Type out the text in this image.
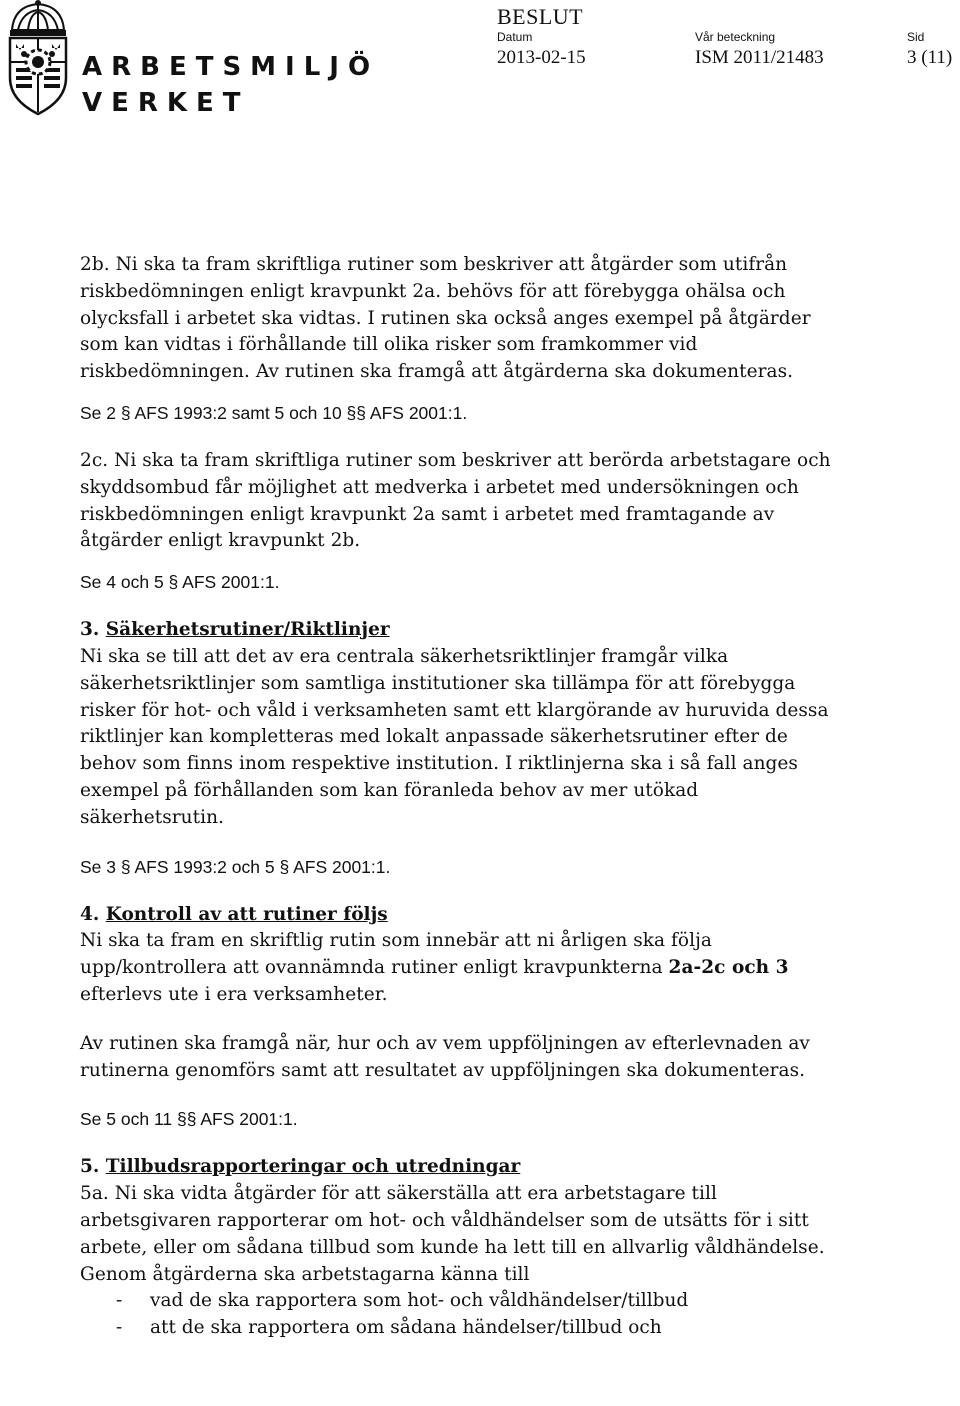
ARBETSMILJÖ
VERKET
BESLUT
Datum
2013-02-15
Vår beteckning
ISM 2011/21483
Sid
3 (11)

2b. Ni ska ta fram skriftliga rutiner som beskriver att åtgärder som utifrån riskbedömningen enligt kravpunkt 2a. behövs för att förebygga ohälsa och olycksfall i arbetet ska vidtas. I rutinen ska också anges exempel på åtgärder som kan vidtas i förhållande till olika risker som framkommer vid riskbedömningen. Av rutinen ska framgå att åtgärderna ska dokumenteras.

Se 2 § AFS 1993:2 samt 5 och 10 §§ AFS 2001:1.

2c. Ni ska ta fram skriftliga rutiner som beskriver att berörda arbetstagare och skyddsombud får möjlighet att medverka i arbetet med undersökningen och riskbedömningen enligt kravpunkt 2a samt i arbetet med framtagande av åtgärder enligt kravpunkt 2b.

Se 4 och 5 § AFS 2001:1.

3. Säkerhetsrutiner/Riktlinjer

Ni ska se till att det av era centrala säkerhetsriktlinjer framgår vilka säkerhetsriktlinjer som samtliga institutioner ska tillämpa för att förebygga risker för hot- och våld i verksamheten samt ett klargörande av huruvida dessa riktlinjer kan kompletteras med lokalt anpassade säkerhetsrutiner efter de behov som finns inom respektive institution. I riktlinjerna ska i så fall anges exempel på förhållanden som kan föranleda behov av mer utökad säkerhetsrutin.

Se 3 § AFS 1993:2 och 5 § AFS 2001:1.

4. Kontroll av att rutiner följs

Ni ska ta fram en skriftlig rutin som innebär att ni årligen ska följa upp/kontrollera att ovannämnda rutiner enligt kravpunkterna 2a-2c och 3 efterlevs ute i era verksamheter.

Av rutinen ska framgå när, hur och av vem uppföljningen av efterlevnaden av rutinerna genomförs samt att resultatet av uppföljningen ska dokumenteras.

Se 5 och 11 §§ AFS 2001:1.

5. Tillbudsrapporteringar och utredningar

5a. Ni ska vidta åtgärder för att säkerställa att era arbetstagare till arbetsgivaren rapporterar om hot- och våldhändelser som de utsätts för i sitt arbete, eller om sådana tillbud som kunde ha lett till en allvarlig våldhändelse. Genom åtgärderna ska arbetstagarna känna till

- vad de ska rapportera som hot- och våldhändelser/tillbud
- att de ska rapportera om sådana händelser/tillbud och
